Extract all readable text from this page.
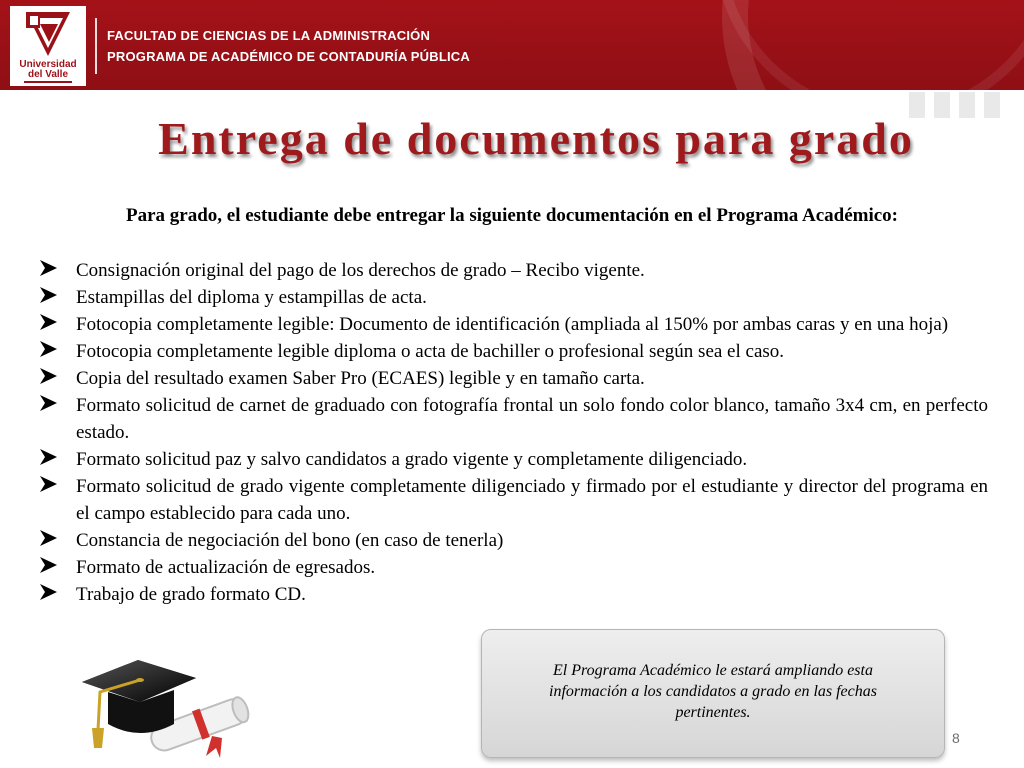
Universidad
del Valle
FACULTAD DE CIENCIAS DE LA ADMINISTRACIÓN
PROGRAMA DE ACADÉMICO DE CONTADURÍA PÚBLICA
Entrega de documentos para grado
Para grado, el estudiante debe entregar la siguiente documentación en el Programa Académico:
Consignación original del pago de los derechos de grado – Recibo vigente.
Estampillas del diploma y estampillas de acta.
Fotocopia completamente legible: Documento de identificación (ampliada al 150% por ambas caras y en una hoja)
Fotocopia completamente legible diploma o acta de bachiller o profesional según sea el caso.
Copia del resultado examen Saber Pro (ECAES) legible y en tamaño carta.
Formato solicitud de carnet de graduado con fotografía frontal un solo fondo color blanco, tamaño 3x4 cm, en perfecto estado.
Formato solicitud paz y salvo candidatos a grado vigente y completamente diligenciado.
Formato solicitud de grado vigente completamente diligenciado y firmado por el estudiante y director del programa en el campo establecido para cada uno.
Constancia de negociación del bono (en caso de tenerla)
Formato de actualización de egresados.
Trabajo de grado formato CD.
El Programa Académico le estará ampliando esta información a los candidatos a grado en las fechas pertinentes.
8
